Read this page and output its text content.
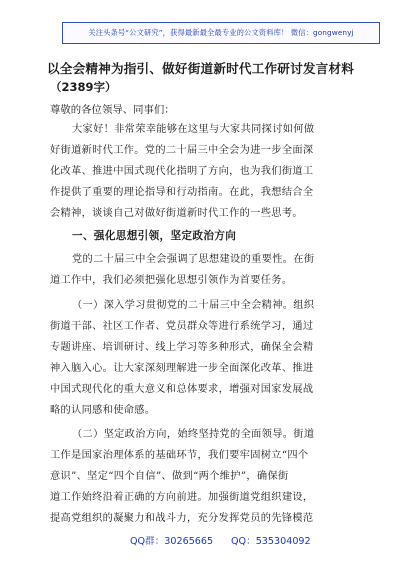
关注头条号“公文研究”，获得最新最全最专业的公文资料库！ 微信：gongwenyj
以全会精神为指引、做好街道新时代工作研讨发言材料
（2389字）
尊敬的各位领导、同事们：
大家好！非常荣幸能够在这里与大家共同探讨如何做
好街道新时代工作。党的二十届三中全会为进一步全面深
化改革、推进中国式现代化指明了方向，也为我们街道工
作提供了重要的理论指导和行动指南。在此，我想结合全
会精神，谈谈自己对做好街道新时代工作的一些思考。
一、强化思想引领，坚定政治方向
党的二十届三中全会强调了思想建设的重要性。在街
道工作中，我们必须把强化思想引领作为首要任务。
（一）深入学习贯彻党的二十届三中全会精神。组织
街道干部、社区工作者、党员群众等进行系统学习，通过
专题讲座、培训研讨、线上学习等多种形式，确保全会精
神入脑入心。让大家深刻理解进一步全面深化改革、推进
中国式现代化的重大意义和总体要求，增强对国家发展战
略的认同感和使命感。
（二）坚定政治方向，始终坚持党的全面领导。街道
工作是国家治理体系的基础环节，我们要牢固树立“四个
意识”、坚定“四个自信”、做到“两个维护”，确保街
道工作始终沿着正确的方向前进。加强街道党组织建设，
提高党组织的凝聚力和战斗力，充分发挥党员的先锋模范
QQ群：30265665 QQ：535304092
